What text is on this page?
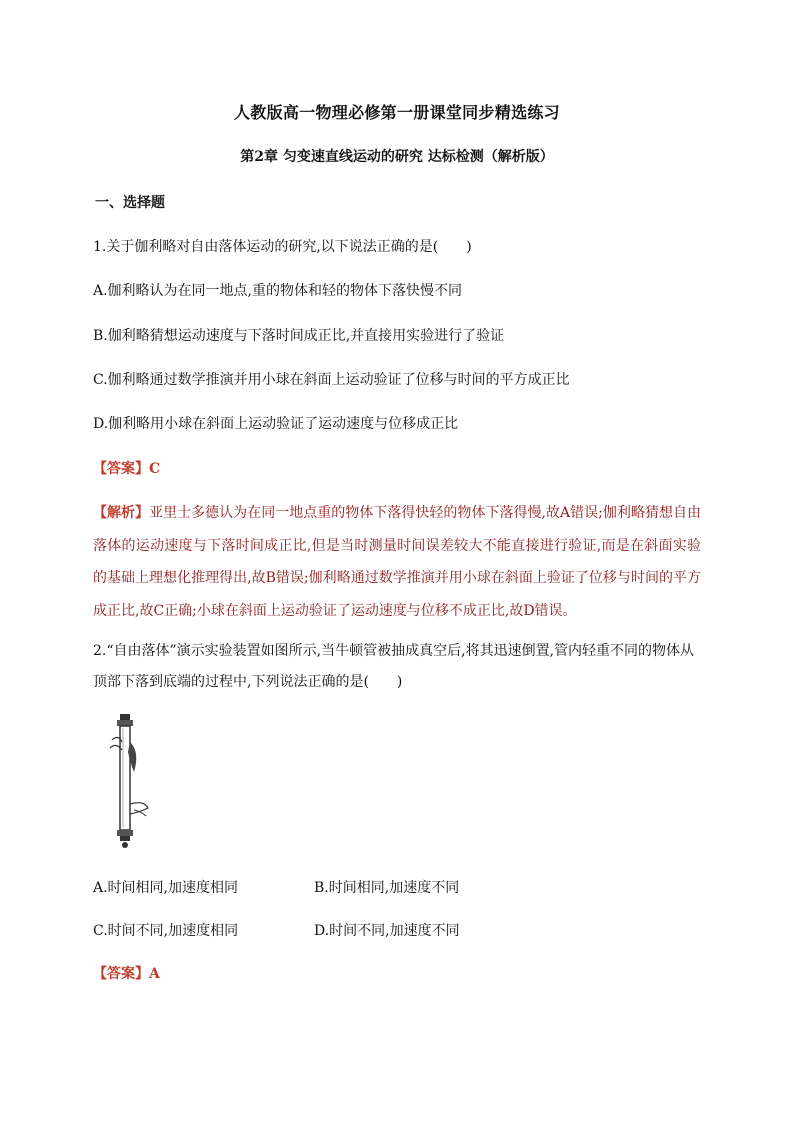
人教版高一物理必修第一册课堂同步精选练习
第2章 匀变速直线运动的研究 达标检测（解析版）
一、选择题
1.关于伽利略对自由落体运动的研究,以下说法正确的是(　　)
A.伽利略认为在同一地点,重的物体和轻的物体下落快慢不同
B.伽利略猜想运动速度与下落时间成正比,并直接用实验进行了验证
C.伽利略通过数学推演并用小球在斜面上运动验证了位移与时间的平方成正比
D.伽利略用小球在斜面上运动验证了运动速度与位移成正比
【答案】C
【解析】亚里士多德认为在同一地点重的物体下落得快轻的物体下落得慢,故A错误;伽利略猜想自由落体的运动速度与下落时间成正比,但是当时测量时间误差较大不能直接进行验证,而是在斜面实验的基础上理想化推理得出,故B错误;伽利略通过数学推演并用小球在斜面上验证了位移与时间的平方成正比,故C正确;小球在斜面上运动验证了运动速度与位移不成正比,故D错误。
2.“自由落体”演示实验装置如图所示,当牛顿管被抽成真空后,将其迅速倒置,管内轻重不同的物体从顶部下落到底端的过程中,下列说法正确的是(　　)
A.时间相同,加速度相同	B.时间相同,加速度不同
C.时间不同,加速度相同	D.时间不同,加速度不同
【答案】A
